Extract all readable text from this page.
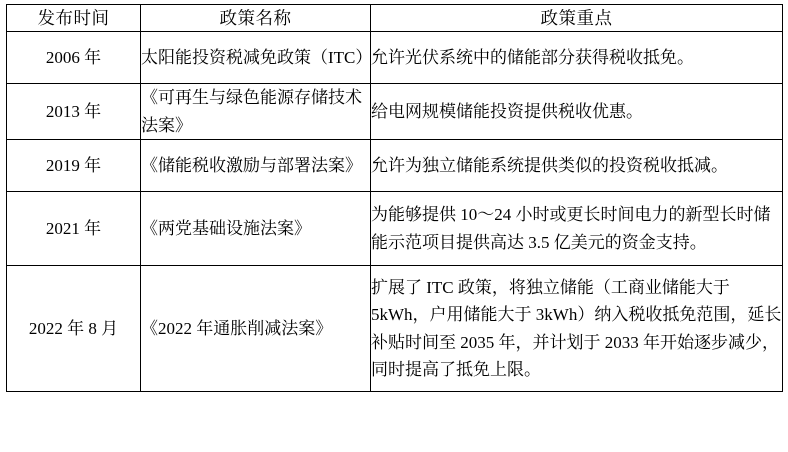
发布时间	政策名称	政策重点
2006 年	太阳能投资税减免政策（ITC）	允许光伏系统中的储能部分获得税收抵免。
2013 年	《可再生与绿色能源存储技术法案》	给电网规模储能投资提供税收优惠。
2019 年	《储能税收激励与部署法案》	允许为独立储能系统提供类似的投资税收抵减。
2021 年	《两党基础设施法案》	为能够提供 10～24 小时或更长时间电力的新型长时储能示范项目提供高达 3.5 亿美元的资金支持。
2022 年 8 月	《2022 年通胀削减法案》	扩展了 ITC 政策，将独立储能（工商业储能大于 5kWh，户用储能大于 3kWh）纳入税收抵免范围，延长补贴时间至 2035 年，并计划于 2033 年开始逐步减少，同时提高了抵免上限。
